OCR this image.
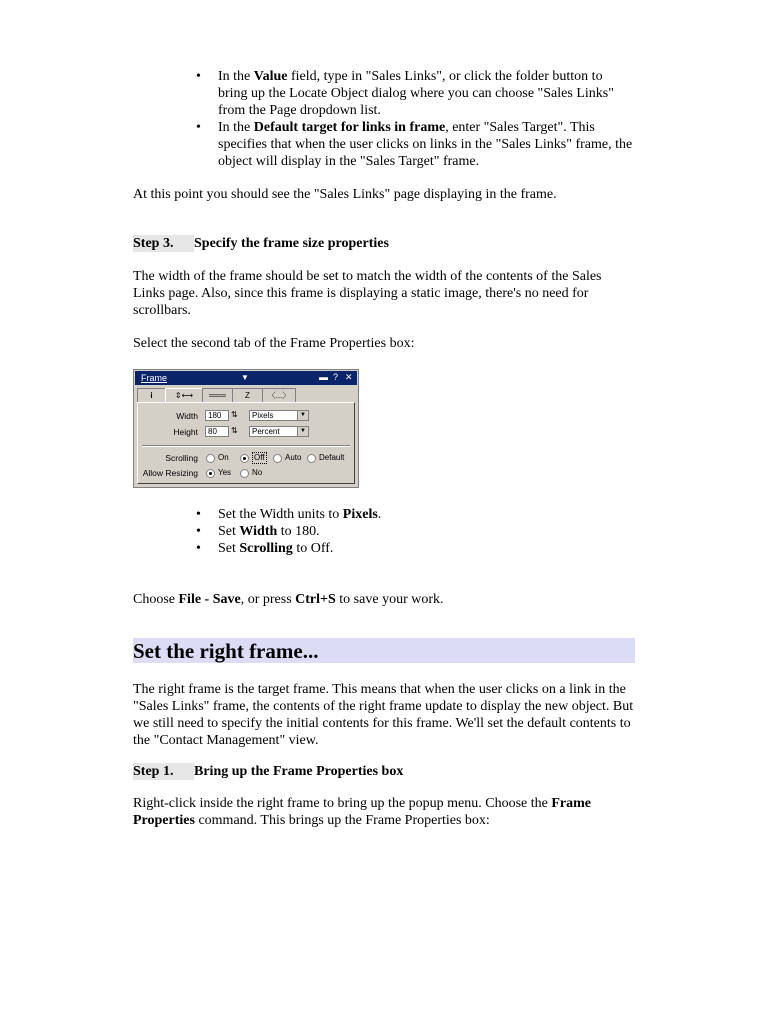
• In the Value field, type in "Sales Links", or click the folder button to bring up the Locate Object dialog where you can choose "Sales Links" from the Page dropdown list.
• In the Default target for links in frame, enter "Sales Target". This specifies that when the user clicks on links in the "Sales Links" frame, the object will display in the "Sales Target" frame.

At this point you should see the "Sales Links" page displaying in the frame.

Step 3. Specify the frame size properties

The width of the frame should be set to match the width of the contents of the Sales Links page. Also, since this frame is displaying a static image, there's no need for scrollbars.

Select the second tab of the Frame Properties box:

Frame	▼	▬ ? ✕
i	⇕⟷	═══	Z	〈...〉
Width	180	⇅	Pixels	▼
Height	80	⇅	Percent	▼
Scrolling	On	Off	Auto Default
Allow Resizing	Yes	No
• Set the Width units to Pixels.
• Set Width to 180.
• Set Scrolling to Off.

Choose File - Save, or press Ctrl+S to save your work.

Set the right frame...

The right frame is the target frame. This means that when the user clicks on a link in the "Sales Links" frame, the contents of the right frame update to display the new object. But we still need to specify the initial contents for this frame. We'll set the default contents to the "Contact Management" view.

Step 1. Bring up the Frame Properties box

Right-click inside the right frame to bring up the popup menu. Choose the Frame Properties command. This brings up the Frame Properties box:
